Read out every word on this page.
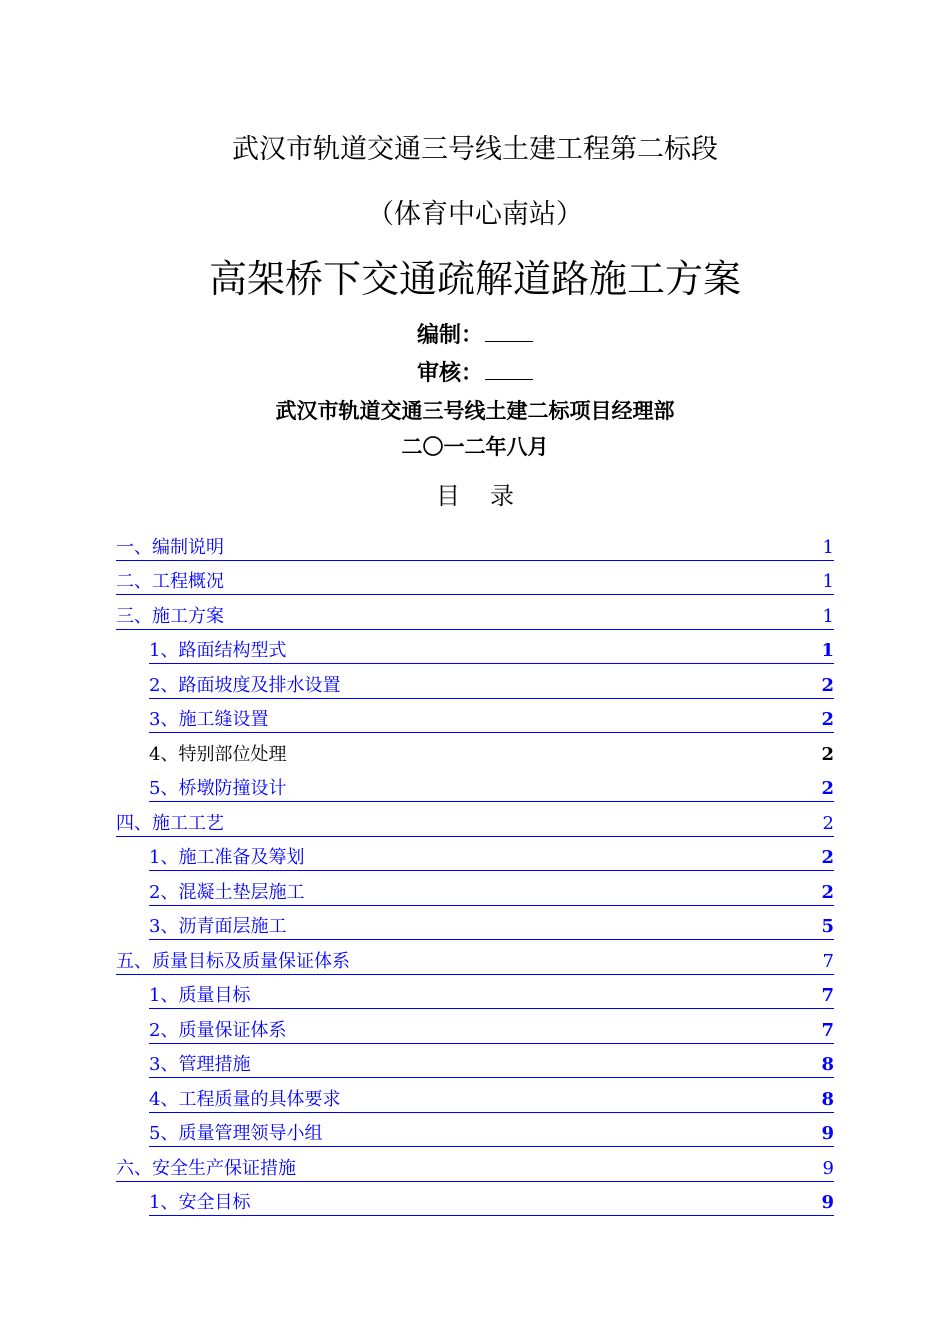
武汉市轨道交通三号线土建工程第二标段
（体育中心南站）
高架桥下交通疏解道路施工方案
编制：
审核：
武汉市轨道交通三号线土建二标项目经理部
二〇一二年八月
目录
一、编制说明	1
二、工程概况	1
三、施工方案	1
1、路面结构型式	1
2、路面坡度及排水设置	2
3、施工缝设置	2
4、特别部位处理	2
5、桥墩防撞设计	2
四、施工工艺	2
1、施工准备及筹划	2
2、混凝土垫层施工	2
3、沥青面层施工	5
五、质量目标及质量保证体系	7
1、质量目标	7
2、质量保证体系	7
3、管理措施	8
4、工程质量的具体要求	8
5、质量管理领导小组	9
六、安全生产保证措施	9
1、安全目标	9
